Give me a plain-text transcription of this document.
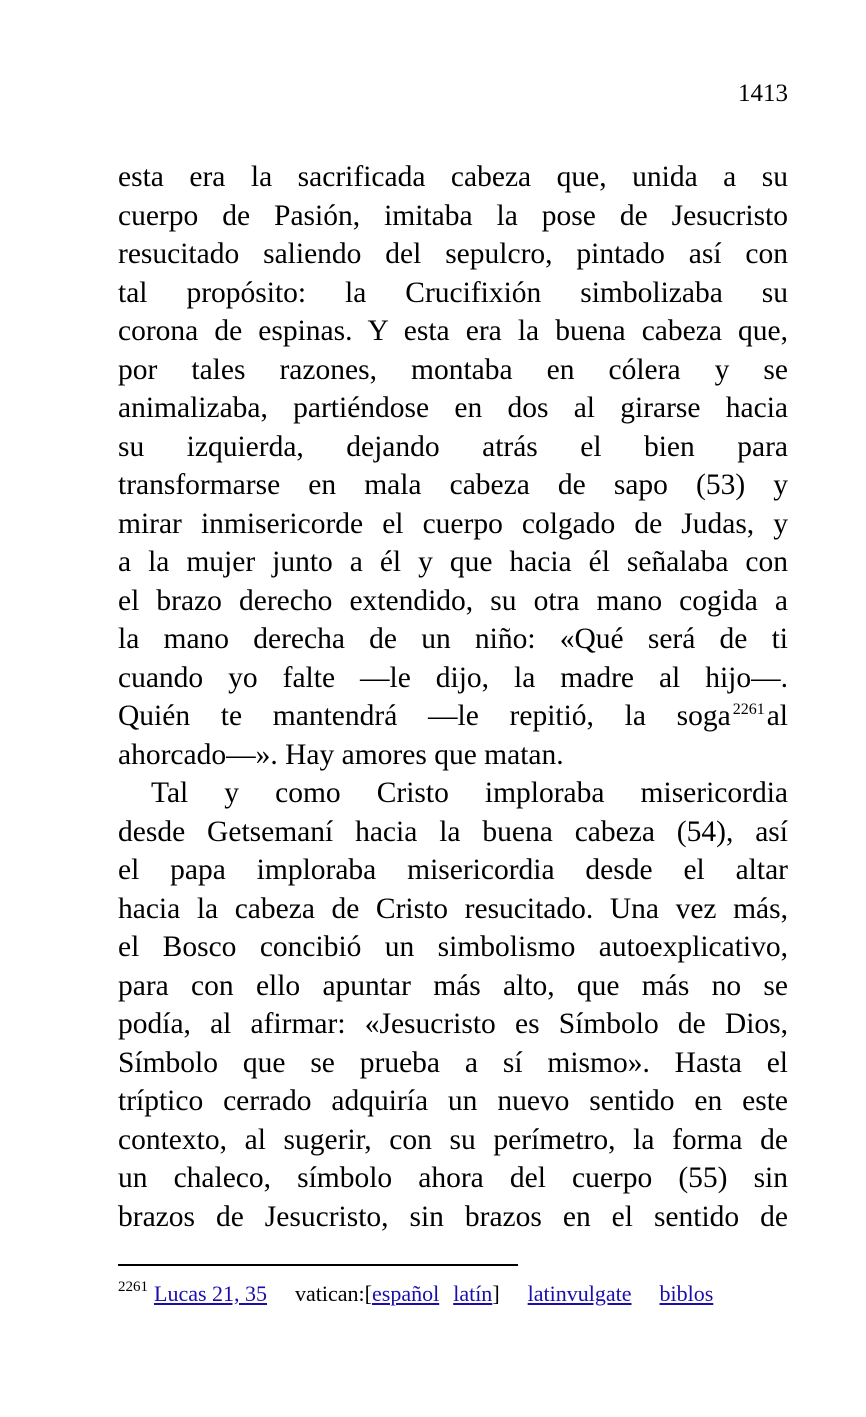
1413
esta era la sacrificada cabeza que, unida a su
cuerpo de Pasión, imitaba la pose de Jesucristo
resucitado saliendo del sepulcro, pintado así con
tal propósito: la Crucifixión simbolizaba su
corona de espinas. Y esta era la buena cabeza que,
por tales razones, montaba en cólera y se
animalizaba, partiéndose en dos al girarse hacia
su izquierda, dejando atrás el bien para
transformarse en mala cabeza de sapo (53) y
mirar inmisericorde el cuerpo colgado de Judas, y
a la mujer junto a él y que hacia él señalaba con
el brazo derecho extendido, su otra mano cogida a
la mano derecha de un niño: «Qué será de ti
cuando yo falte —le dijo, la madre al hijo—.
Quién te mantendrá —le repitió, la soga $^{2261}$al
ahorcado—». Hay amores que matan.
Tal y como Cristo imploraba misericordia
desde Getsemaní hacia la buena cabeza (54), así
el papa imploraba misericordia desde el altar
hacia la cabeza de Cristo resucitado. Una vez más,
el Bosco concibió un simbolismo autoexplicativo,
para con ello apuntar más alto, que más no se
podía, al afirmar: «Jesucristo es Símbolo de Dios,
Símbolo que se prueba a sí mismo». Hasta el
tríptico cerrado adquiría un nuevo sentido en este
contexto, al sugerir, con su perímetro, la forma de
un chaleco, símbolo ahora del cuerpo (55) sin
brazos de Jesucristo, sin brazos en el sentido de
$^{2261}$ Lucas 21, 35 vatican:[español latín] latinvulgate biblos
